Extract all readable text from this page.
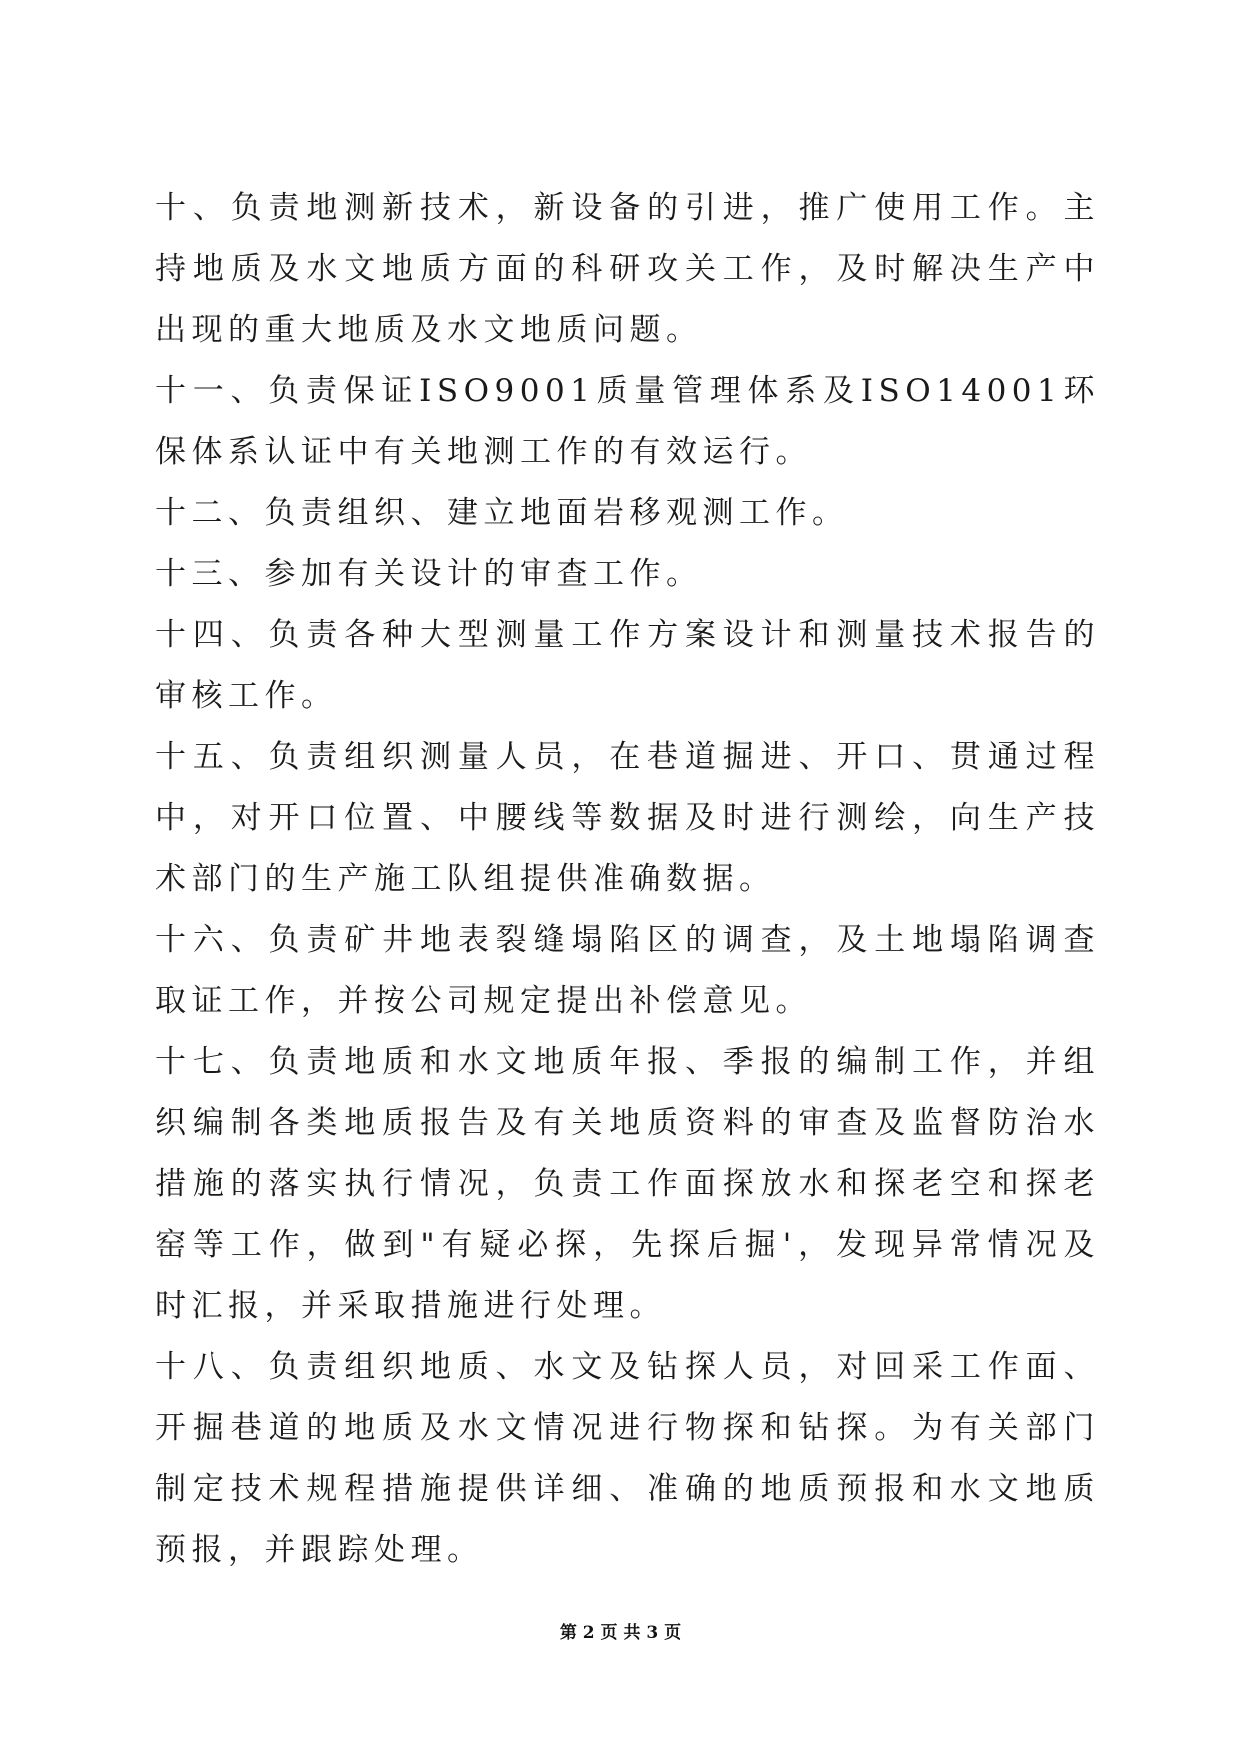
十、负责地测新技术，新设备的引进，推广使用工作。主持地质及水文地质方面的科研攻关工作，及时解决生产中出现的重大地质及水文地质问题。

十一、负责保证ISO9001质量管理体系及ISO14001环保体系认证中有关地测工作的有效运行。

十二、负责组织、建立地面岩移观测工作。

十三、参加有关设计的审查工作。

十四、负责各种大型测量工作方案设计和测量技术报告的审核工作。

十五、负责组织测量人员，在巷道掘进、开口、贯通过程中，对开口位置、中腰线等数据及时进行测绘，向生产技术部门的生产施工队组提供准确数据。

十六、负责矿井地表裂缝塌陷区的调查，及土地塌陷调查取证工作，并按公司规定提出补偿意见。

十七、负责地质和水文地质年报、季报的编制工作，并组织编制各类地质报告及有关地质资料的审查及监督防治水措施的落实执行情况，负责工作面探放水和探老空和探老窑等工作，做到"有疑必探，先探后掘'，发现异常情况及时汇报，并采取措施进行处理。

十八、负责组织地质、水文及钻探人员，对回采工作面、开掘巷道的地质及水文情况进行物探和钻探。为有关部门制定技术规程措施提供详细、准确的地质预报和水文地质预报，并跟踪处理。

第 2 页 共 3 页
